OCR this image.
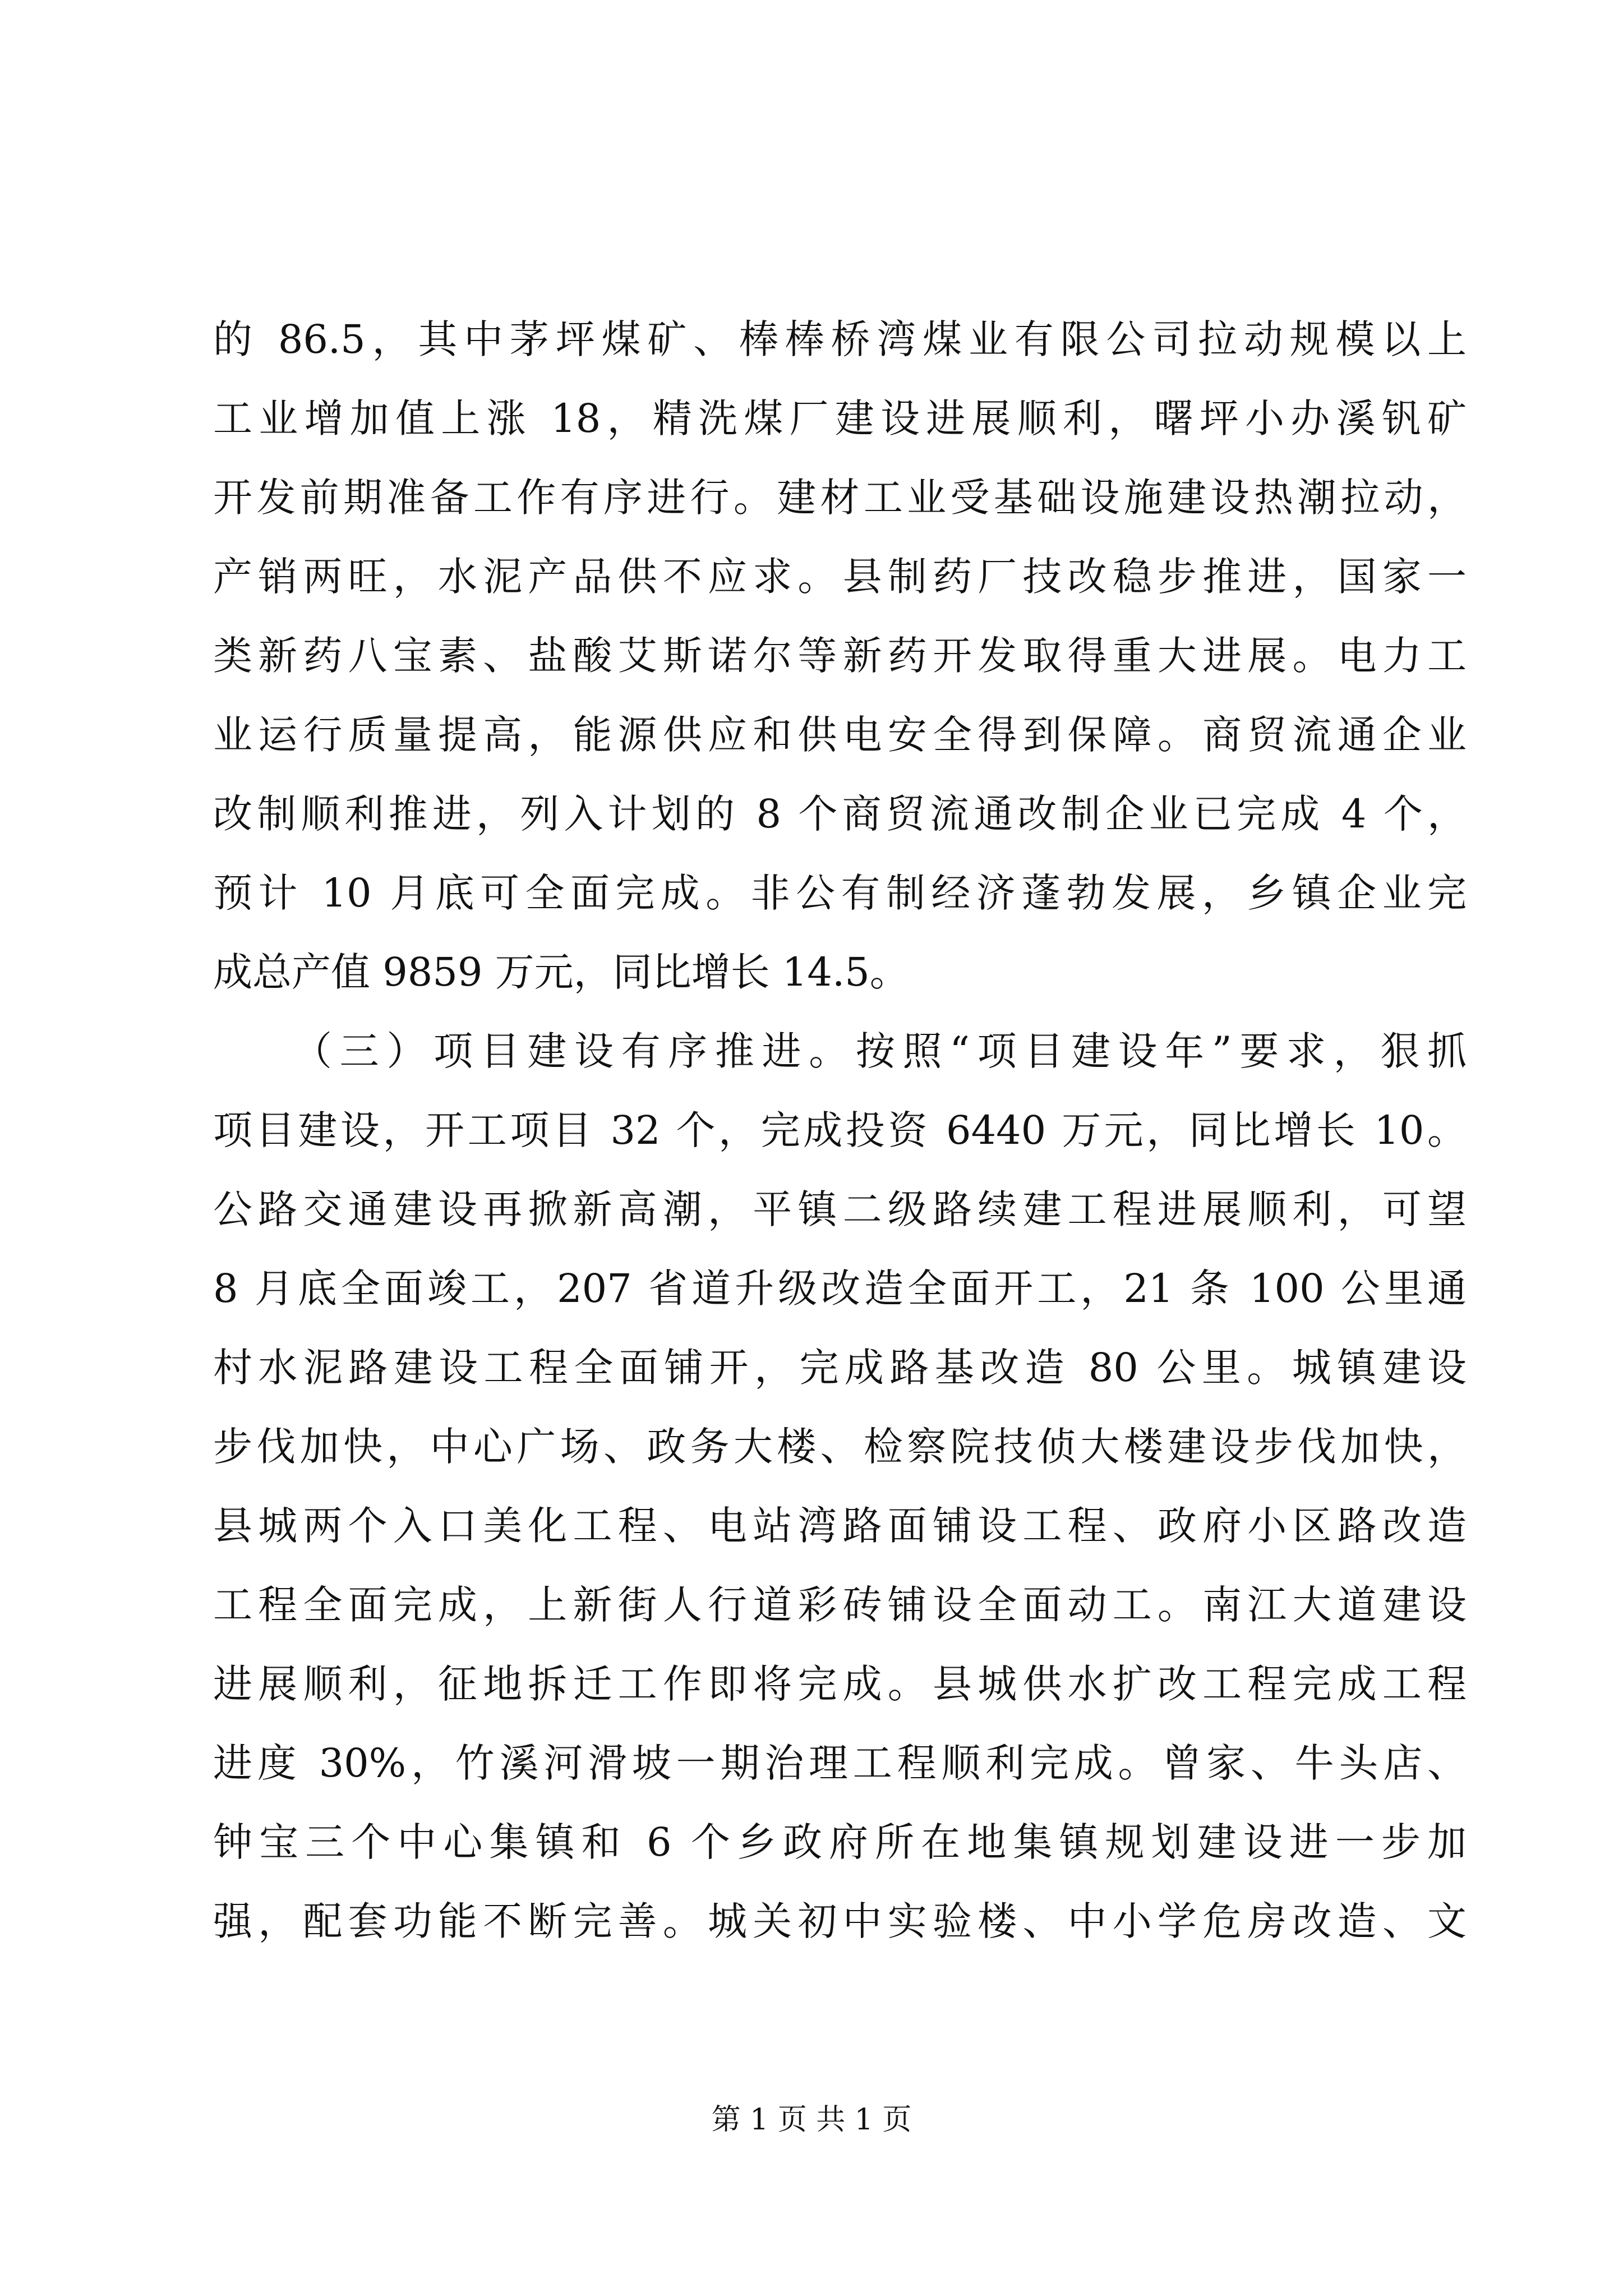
的 86.5，其中茅坪煤矿、棒棒桥湾煤业有限公司拉动规模以上
工业增加值上涨 18，精洗煤厂建设进展顺利，曙坪小办溪钒矿
开发前期准备工作有序进行。建材工业受基础设施建设热潮拉动，
产销两旺，水泥产品供不应求。县制药厂技改稳步推进，国家一
类新药八宝素、盐酸艾斯诺尔等新药开发取得重大进展。电力工
业运行质量提高，能源供应和供电安全得到保障。商贸流通企业
改制顺利推进，列入计划的 8 个商贸流通改制企业已完成 4 个，
预计 10 月底可全面完成。非公有制经济蓬勃发展，乡镇企业完
成总产值 9859 万元，同比增长 14.5。
（三）项目建设有序推进。按照“项目建设年”要求，狠抓
项目建设，开工项目 32 个，完成投资 6440 万元，同比增长 10。
公路交通建设再掀新高潮，平镇二级路续建工程进展顺利，可望
8 月底全面竣工，207 省道升级改造全面开工，21 条 100 公里通
村水泥路建设工程全面铺开，完成路基改造 80 公里。城镇建设
步伐加快，中心广场、政务大楼、检察院技侦大楼建设步伐加快，
县城两个入口美化工程、电站湾路面铺设工程、政府小区路改造
工程全面完成，上新街人行道彩砖铺设全面动工。南江大道建设
进展顺利，征地拆迁工作即将完成。县城供水扩改工程完成工程
进度 30%，竹溪河滑坡一期治理工程顺利完成。曾家、牛头店、
钟宝三个中心集镇和 6 个乡政府所在地集镇规划建设进一步加
强，配套功能不断完善。城关初中实验楼、中小学危房改造、文
第 1 页 共 1 页
